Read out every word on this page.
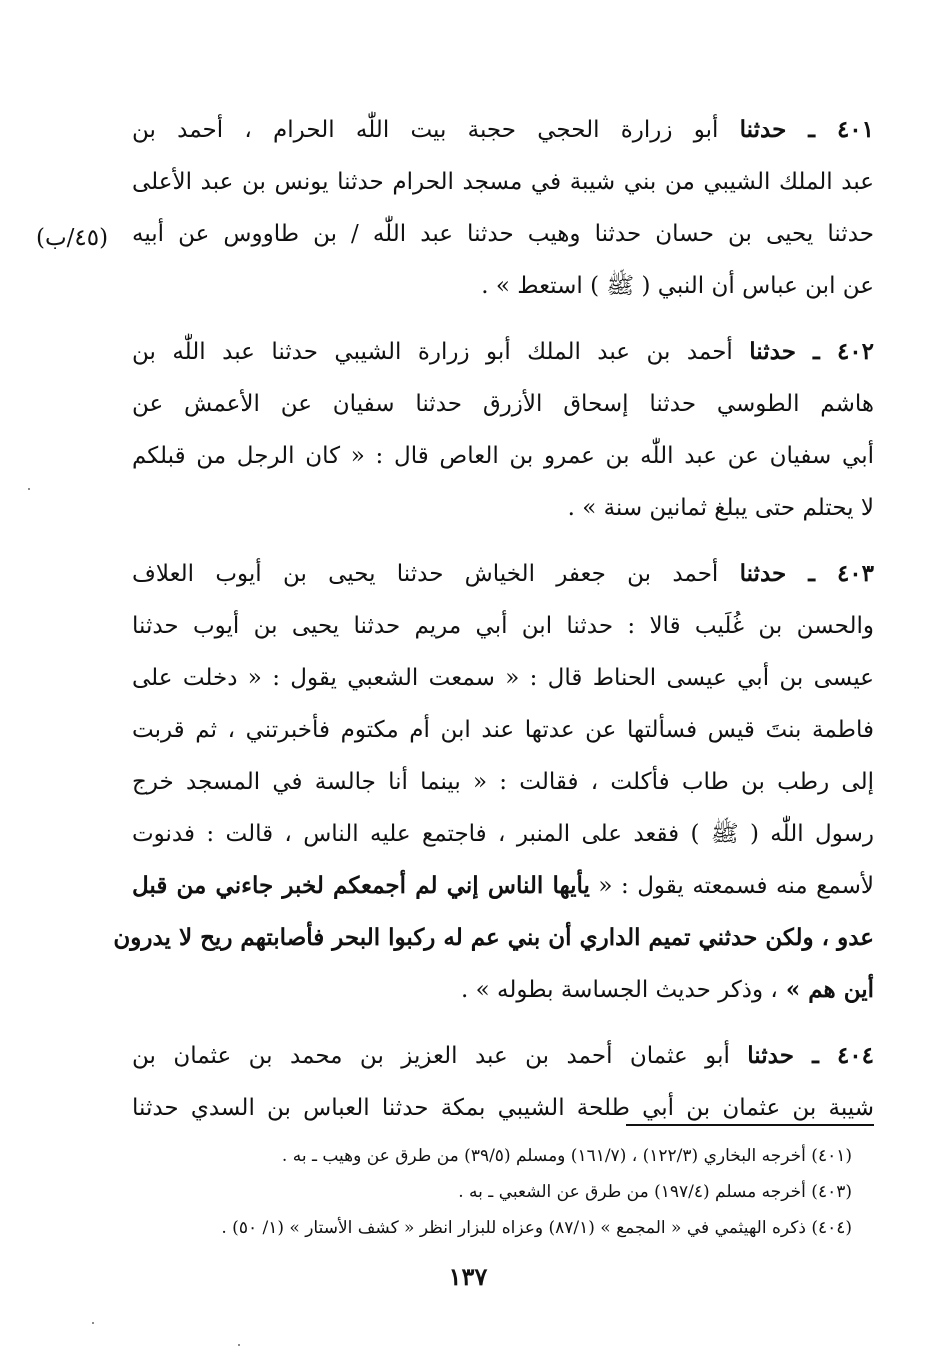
٤٠١ ـ حدثنا أبو زرارة الحجي حجبة بيت اللّٰه الحرام ، أحمد بن
عبد الملك الشيبي من بني شيبة في مسجد الحرام حدثنا يونس بن عبد الأعلى
حدثنا يحيى بن حسان حدثنا وهيب حدثنا عبد اللّٰه / بن طاووس عن أبيه
عن ابن عباس أن النبي ( ﷺ ) استعط » .
٤٠٢ ـ حدثنا أحمد بن عبد الملك أبو زرارة الشيبي حدثنا عبد اللّٰه بن
هاشم الطوسي حدثنا إسحاق الأزرق حدثنا سفيان عن الأعمش عن
أبي سفيان عن عبد اللّٰه بن عمرو بن العاص قال : « كان الرجل من قبلكم
لا يحتلم حتى يبلغ ثمانين سنة » .
٤٠٣ ـ حدثنا أحمد بن جعفر الخياش حدثنا يحيى بن أيوب العلاف
والحسن بن غُلَيب قالا : حدثنا ابن أبي مريم حدثنا يحيى بن أيوب حدثنا
عيسى بن أبي عيسى الحناط قال : « سمعت الشعبي يقول : « دخلت على
فاطمة بنتَ قيس فسألتها عن عدتها عند ابن أم مكتوم فأخبرتني ، ثم قربت
إلى رطب بن طاب فأكلت ، فقالت : « بينما أنا جالسة في المسجد خرج
رسول اللّٰه ( ﷺ ) فقعد على المنبر ، فاجتمع عليه الناس ، قالت : فدنوت
لأسمع منه فسمعته يقول : « يأيها الناس إني لم أجمعكم لخبر جاءني من قبل
عدو ، ولكن حدثني تميم الداري أن بني عم له ركبوا البحر فأصابتهم ريح لا يدرون
أين هم » ، وذكر حديث الجساسة بطوله » .
٤٠٤ ـ حدثنا أبو عثمان أحمد بن عبد العزيز بن محمد بن عثمان بن
شيبة بن عثمان بن أبي طلحة الشيبي بمكة حدثنا العباس بن السدي حدثنا
(٤٥/ب)
(٤٠١) أخرجه البخاري (١٢٢/٣) ، (١٦١/٧) ومسلم (٣٩/٥) من طرق عن وهيب ـ به .
(٤٠٣) أخرجه مسلم (١٩٧/٤) من طرق عن الشعبي ـ به .
(٤٠٤) ذكره الهيثمي في « المجمع » (٨٧/١) وعزاه للبزار انظر « كشف الأستار » (١/ ٥٠) .
١٣٧
